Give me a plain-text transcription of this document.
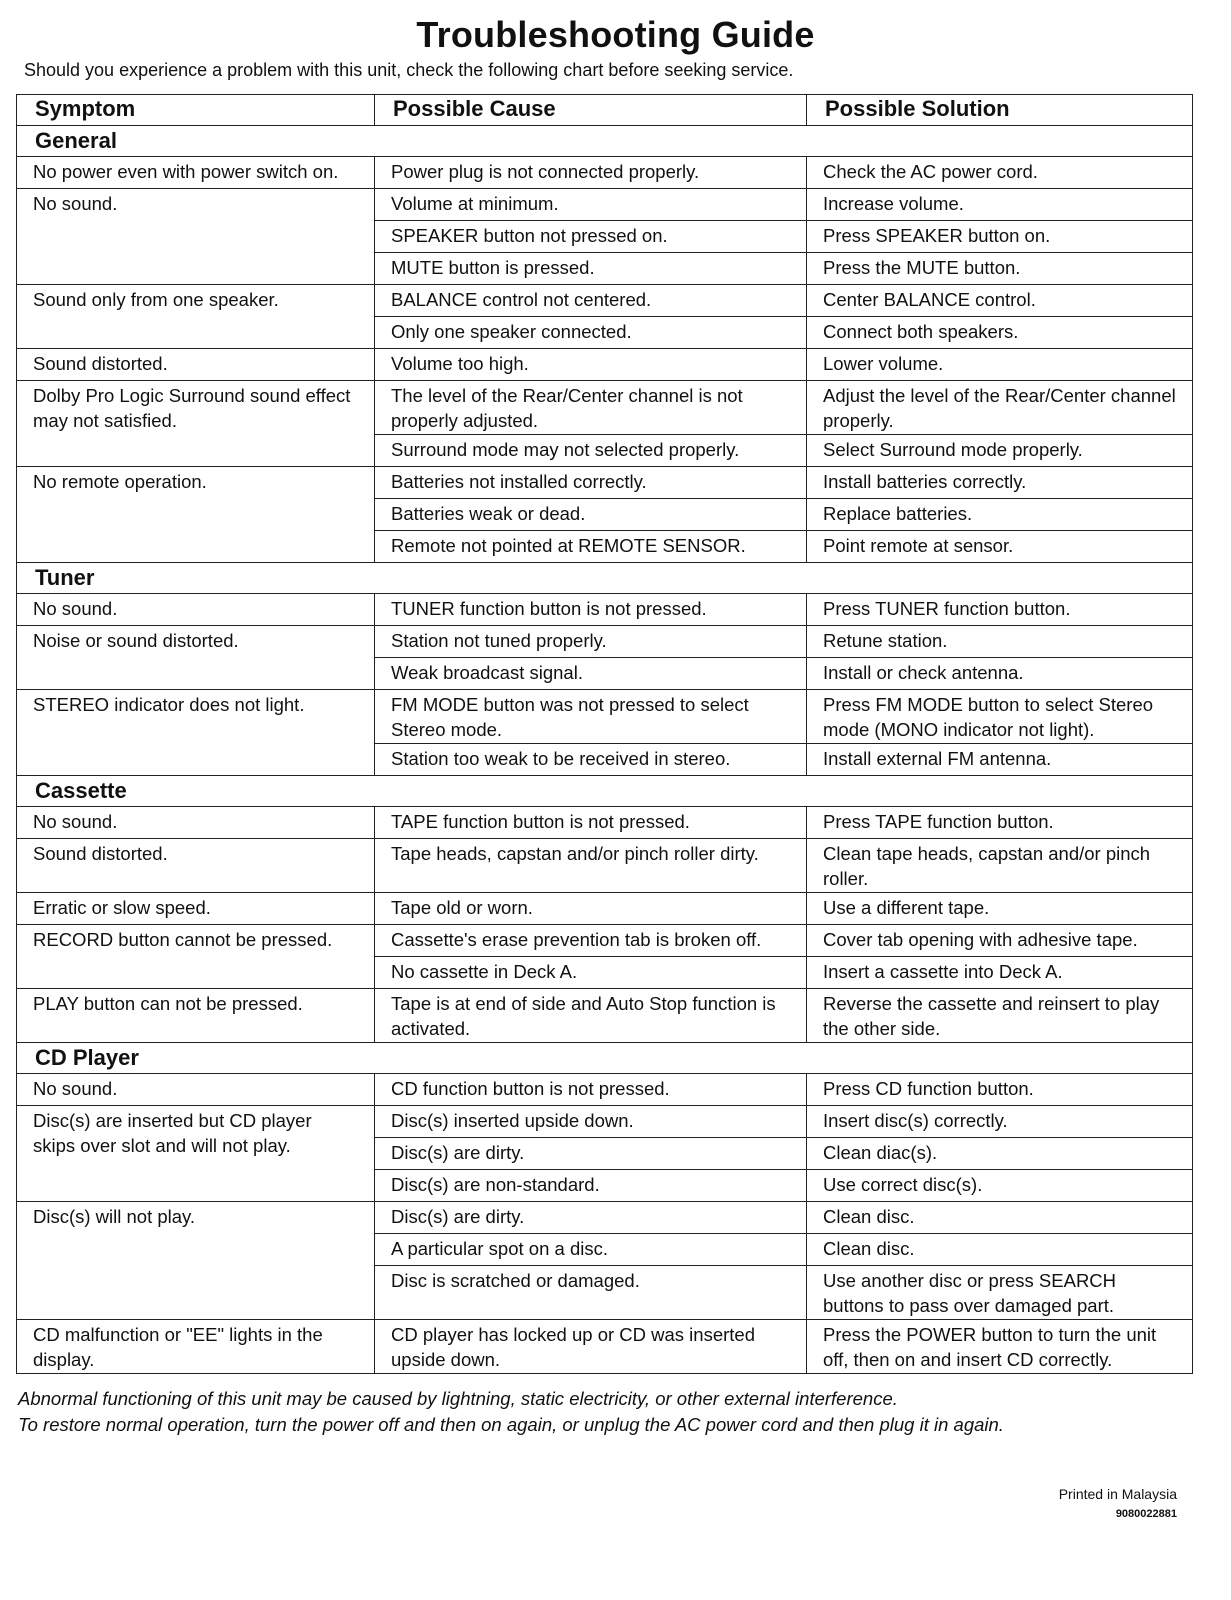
Troubleshooting Guide
Should you experience a problem with this unit, check the following chart before seeking service.
Symptom	Possible Cause	Possible Solution
General		
No power even with power switch on.	Power plug is not connected properly.	Check the AC power cord.
No sound.	Volume at minimum.	Increase volume.
	SPEAKER button not pressed on.	Press SPEAKER button on.
	MUTE button is pressed.	Press the MUTE button.
Sound only from one speaker.	BALANCE control not centered.	Center BALANCE control.
	Only one speaker connected.	Connect both speakers.
Sound distorted.	Volume too high.	Lower volume.
Dolby Pro Logic Surround sound effect may not satisfied.	The level of the Rear/Center channel is not properly adjusted.	Adjust the level of the Rear/Center channel properly.
	Surround mode may not selected properly.	Select Surround mode properly.
No remote operation.	Batteries not installed correctly.	Install batteries correctly.
	Batteries weak or dead.	Replace batteries.
	Remote not pointed at REMOTE SENSOR.	Point remote at sensor.
Tuner		
No sound.	TUNER function button is not pressed.	Press TUNER function button.
Noise or sound distorted.	Station not tuned properly.	Retune station.
	Weak broadcast signal.	Install or check antenna.
STEREO indicator does not light.	FM MODE button was not pressed to select Stereo mode.	Press FM MODE button to select Stereo mode (MONO indicator not light).
	Station too weak to be received in stereo.	Install external FM antenna.
Cassette		
No sound.	TAPE function button is not pressed.	Press TAPE function button.
Sound distorted.	Tape heads, capstan and/or pinch roller dirty.	Clean tape heads, capstan and/or pinch roller.
Erratic or slow speed.	Tape old or worn.	Use a different tape.
RECORD button cannot be pressed.	Cassette's erase prevention tab is broken off.	Cover tab opening with adhesive tape.
	No cassette in Deck A.	Insert a cassette into Deck A.
PLAY button can not be pressed.	Tape is at end of side and Auto Stop function is activated.	Reverse the cassette and reinsert to play the other side.
CD Player		
No sound.	CD function button is not pressed.	Press CD function button.
Disc(s) are inserted but CD player skips over slot and will not play.	Disc(s) inserted upside down.	Insert disc(s) correctly.
	Disc(s) are dirty.	Clean diac(s).
	Disc(s) are non-standard.	Use correct disc(s).
Disc(s) will not play.	Disc(s) are dirty.	Clean disc.
	A particular spot on a disc.	Clean disc.
	Disc is scratched or damaged.	Use another disc or press SEARCH buttons to pass over damaged part.
CD malfunction or "EE" lights in the display.	CD player has locked up or CD was inserted upside down.	Press the POWER button to turn the unit off, then on and insert CD correctly.
Abnormal functioning of this unit may be caused by lightning, static electricity, or other external interference.
To restore normal operation, turn the power off and then on again, or unplug the AC power cord and then plug it in again.
Printed in Malaysia
9080022881
